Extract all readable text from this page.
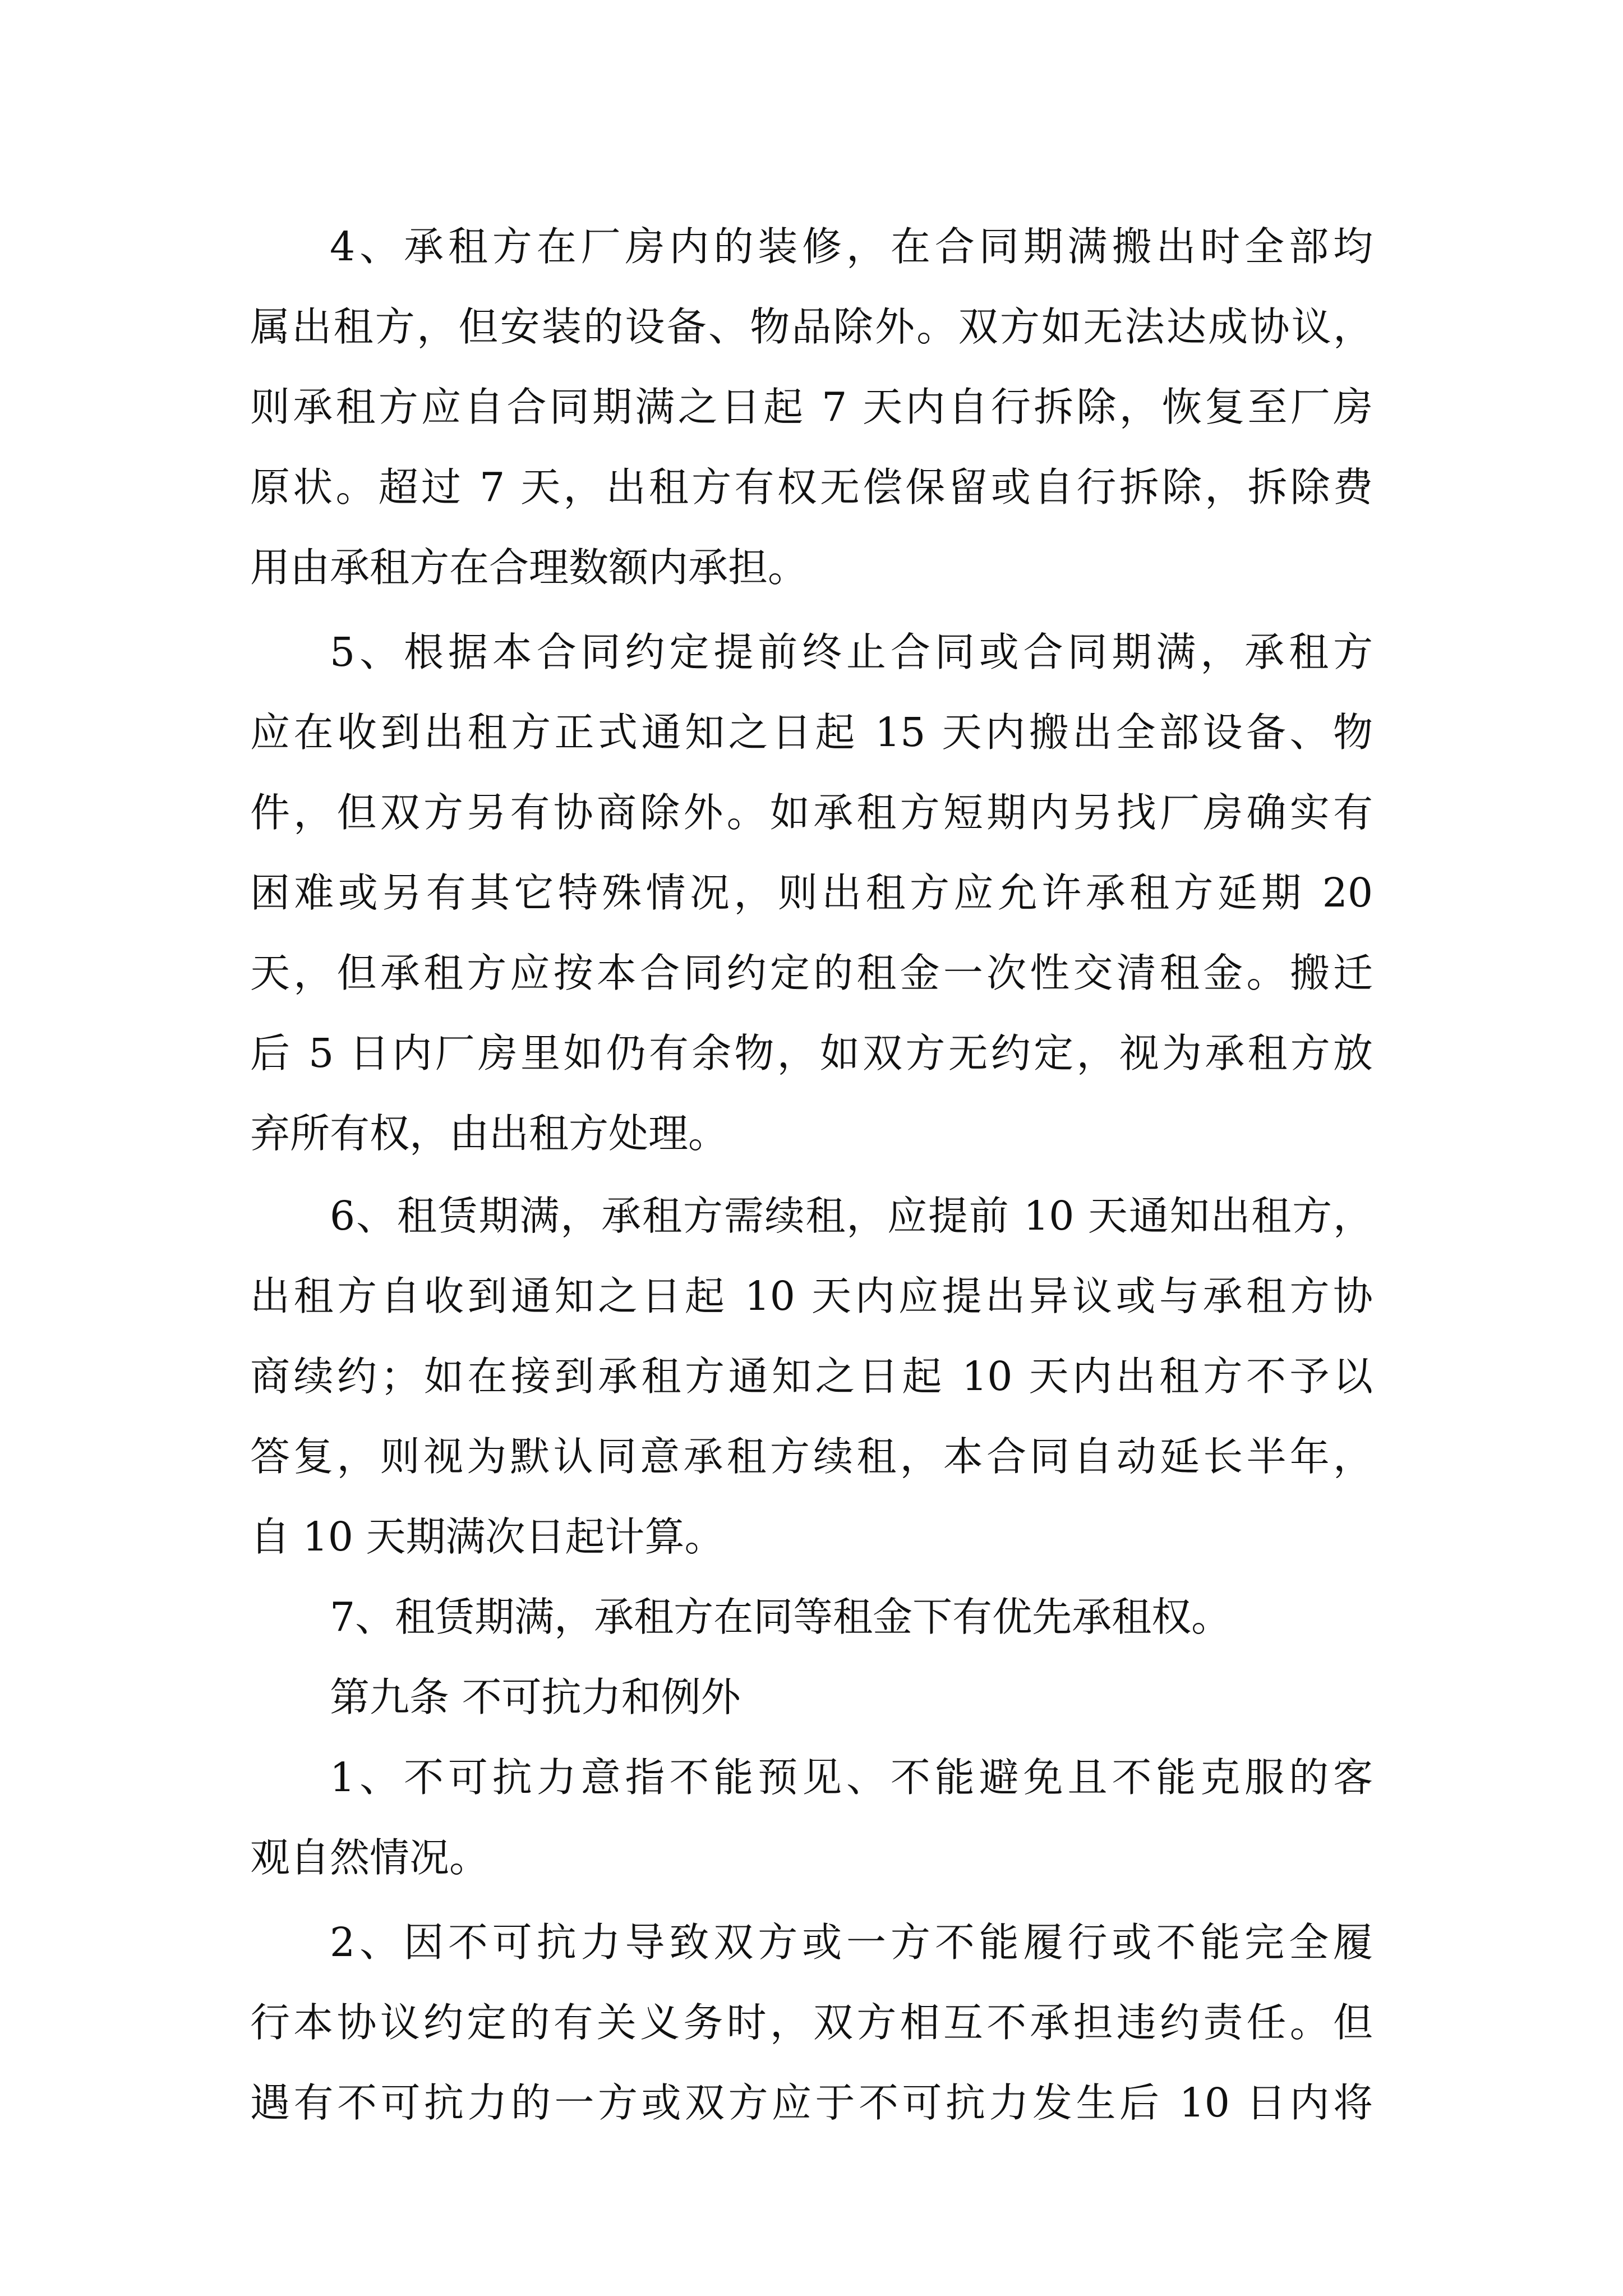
4、承租方在厂房内的装修，在合同期满搬出时全部均
属出租方，但安装的设备、物品除外。双方如无法达成协议，
则承租方应自合同期满之日起 7 天内自行拆除，恢复至厂房
原状。超过 7 天，出租方有权无偿保留或自行拆除，拆除费
用由承租方在合理数额内承担。
5、根据本合同约定提前终止合同或合同期满，承租方
应在收到出租方正式通知之日起 15 天内搬出全部设备、物
件，但双方另有协商除外。如承租方短期内另找厂房确实有
困难或另有其它特殊情况，则出租方应允许承租方延期 20
天，但承租方应按本合同约定的租金一次性交清租金。搬迁
后 5 日内厂房里如仍有余物，如双方无约定，视为承租方放
弃所有权，由出租方处理。
6、租赁期满，承租方需续租，应提前 10 天通知出租方，
出租方自收到通知之日起 10 天内应提出异议或与承租方协
商续约；如在接到承租方通知之日起 10 天内出租方不予以
答复，则视为默认同意承租方续租，本合同自动延长半年，
自 10 天期满次日起计算。
7、租赁期满，承租方在同等租金下有优先承租权。
第九条 不可抗力和例外
1、不可抗力意指不能预见、不能避免且不能克服的客
观自然情况。
2、因不可抗力导致双方或一方不能履行或不能完全履
行本协议约定的有关义务时，双方相互不承担违约责任。但
遇有不可抗力的一方或双方应于不可抗力发生后 10 日内将
